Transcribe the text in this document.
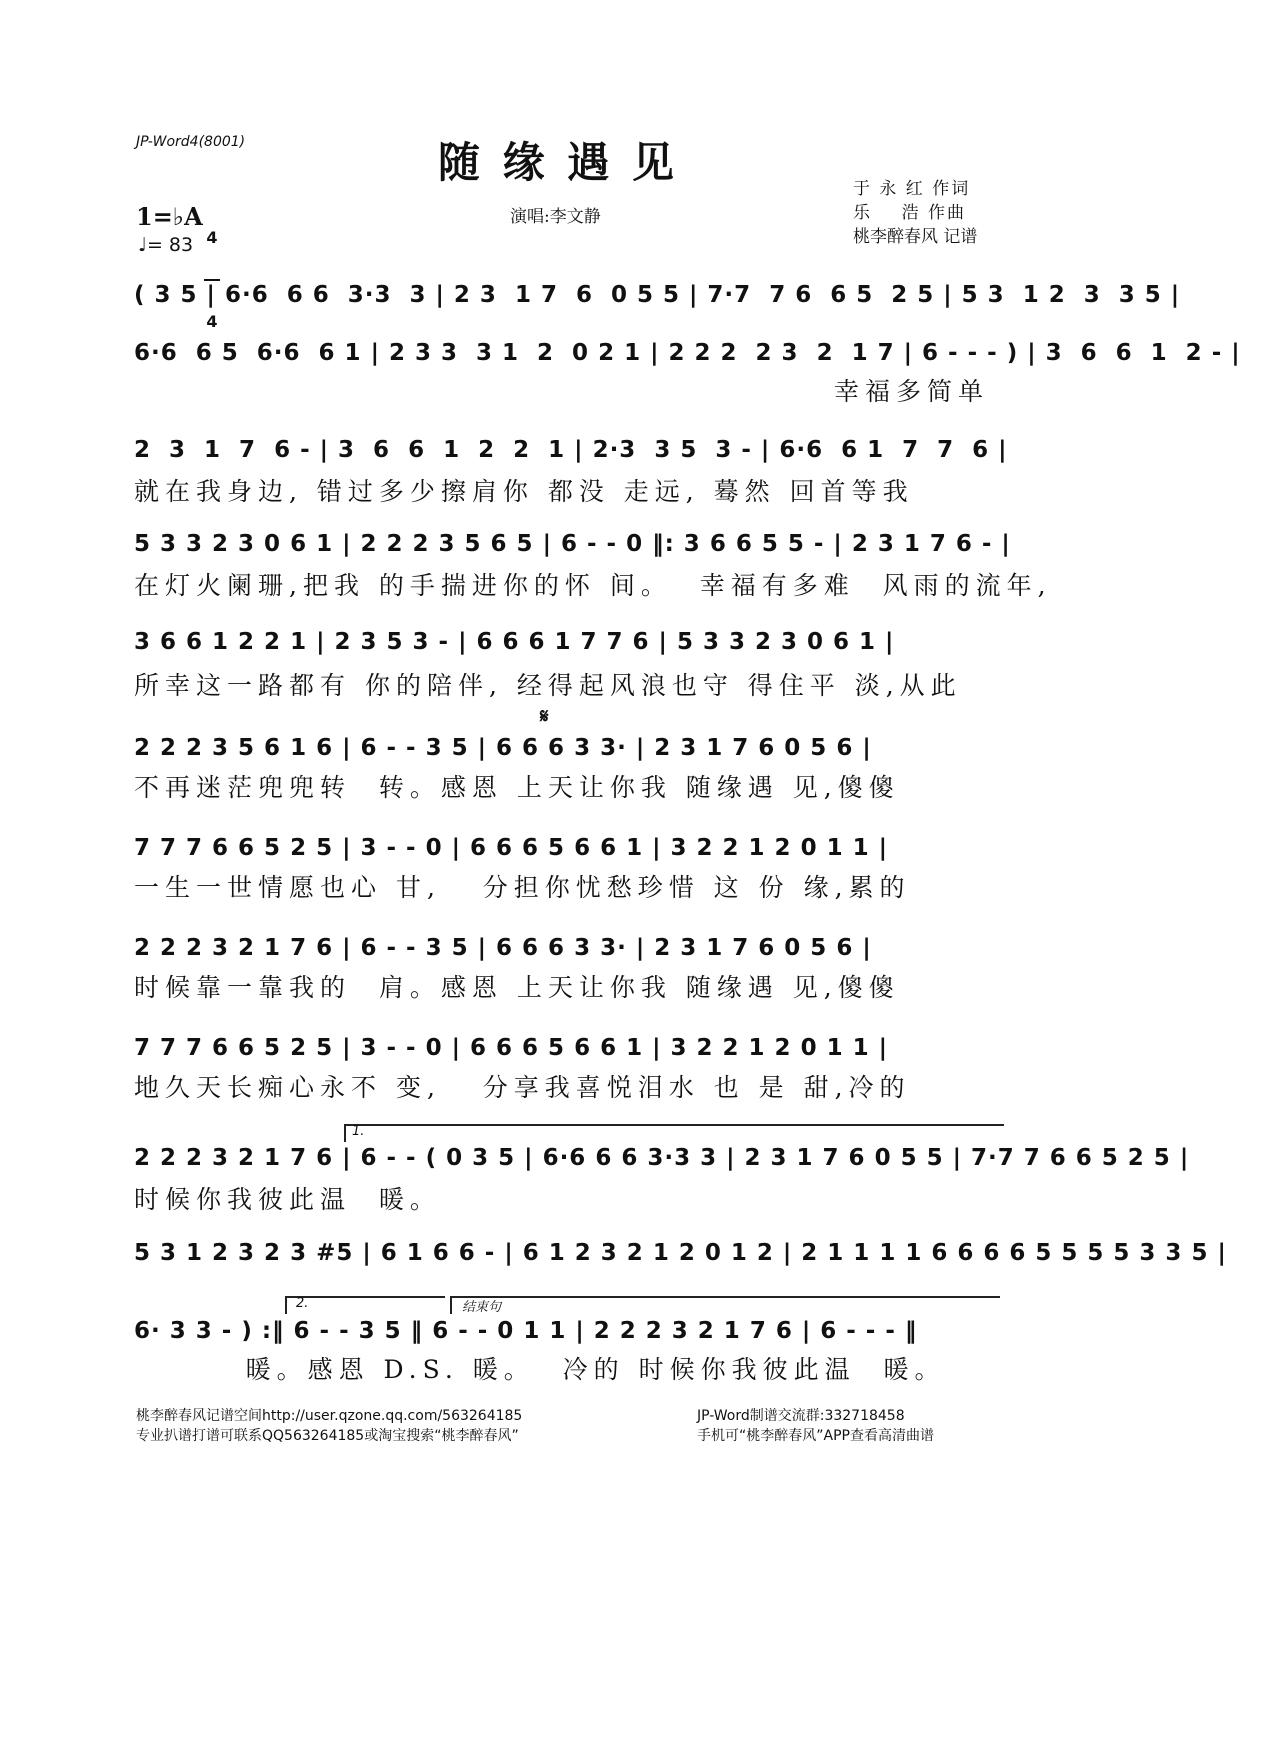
JP-Word4(8001)	随 缘 遇 见
1=♭A

4

4

♩= 83
演唱:李文静
于 永 红 作词
乐    浩 作曲
桃李醉春风 记谱
( 3 5 | 6·6  6 6  3·3  3 | 2 3  1 7  6  0 5 5 | 7·7  7 6  6 5  2 5 | 5 3  1 2  3  3 5 |
6·6  6 5  6·6  6 1 | 2 3 3  3 1  2  0 2 1 | 2 2 2  2 3  2  1 7 | 6 - - - ) | 3  6  6  1  2 - |
幸福多简单
2  3  1  7  6 - | 3  6  6  1  2  2  1 | 2·3  3 5  3 - | 6·6  6 1  7  7  6 |
就在我身边, 错过多少擦肩你 都没 走远, 蓦然 回首等我
5 3 3 2 3 0 6 1 | 2 2 2 3 5 6 5 | 6 - - 0 ‖: 3 6 6 5 5 - | 2 3 1 7 6 - |
在灯火阑珊,把我 的手揣进你的怀 间。  幸福有多难  风雨的流年,
3 6 6 1 2 2 1 | 2 3 5 3 - | 6 6 6 1 7 7 6 | 5 3 3 2 3 0 6 1 |
所幸这一路都有 你的陪伴, 经得起风浪也守 得住平 淡,从此
2 2 2 3 5 6 1 6 | 6 - - 3 5 | 6 6 6 3 3· | 2 3 1 7 6 0 5 6 |
不再迷茫兜兜转  转。感恩 上天让你我 随缘遇 见,傻傻
7 7 7 6 6 5 2 5 | 3 - - 0 | 6 6 6 5 6 6 1 | 3 2 2 1 2 0 1 1 |
一生一世情愿也心 甘,   分担你忧愁珍惜 这 份 缘,累的
2 2 2 3 2 1 7 6 | 6 - - 3 5 | 6 6 6 3 3· | 2 3 1 7 6 0 5 6 |
时候靠一靠我的  肩。感恩 上天让你我 随缘遇 见,傻傻
7 7 7 6 6 5 2 5 | 3 - - 0 | 6 6 6 5 6 6 1 | 3 2 2 1 2 0 1 1 |
地久天长痴心永不 变,   分享我喜悦泪水 也 是 甜,冷的
2 2 2 3 2 1 7 6 | 6 - - ( 0 3 5 | 6·6 6 6 3·3 3 | 2 3 1 7 6 0 5 5 | 7·7 7 6 6 5 2 5 |
时候你我彼此温  暖。
5 3 1 2 3 2 3 #5 | 6 1 6 6 - | 6 1 2 3 2 1 2 0 1 2 | 2 1 1 1 1 6 6 6 6 5 5 5 5 3 3 5 |
6· 3 3 - ) :‖ 6 - - 3 5 ‖ 6 - - 0 1 1 | 2 2 2 3 2 1 7 6 | 6 - - - ‖
暖。感恩 D.S. 暖。  冷的 时候你我彼此温  暖。
𝄋
1.
2.	结束句
桃李醉春风记谱空间http://user.qzone.qq.com/563264185
专业扒谱打谱可联系QQ563264185或淘宝搜索“桃李醉春风”
JP-Word制谱交流群:332718458
手机可“桃李醉春风”APP查看高清曲谱
